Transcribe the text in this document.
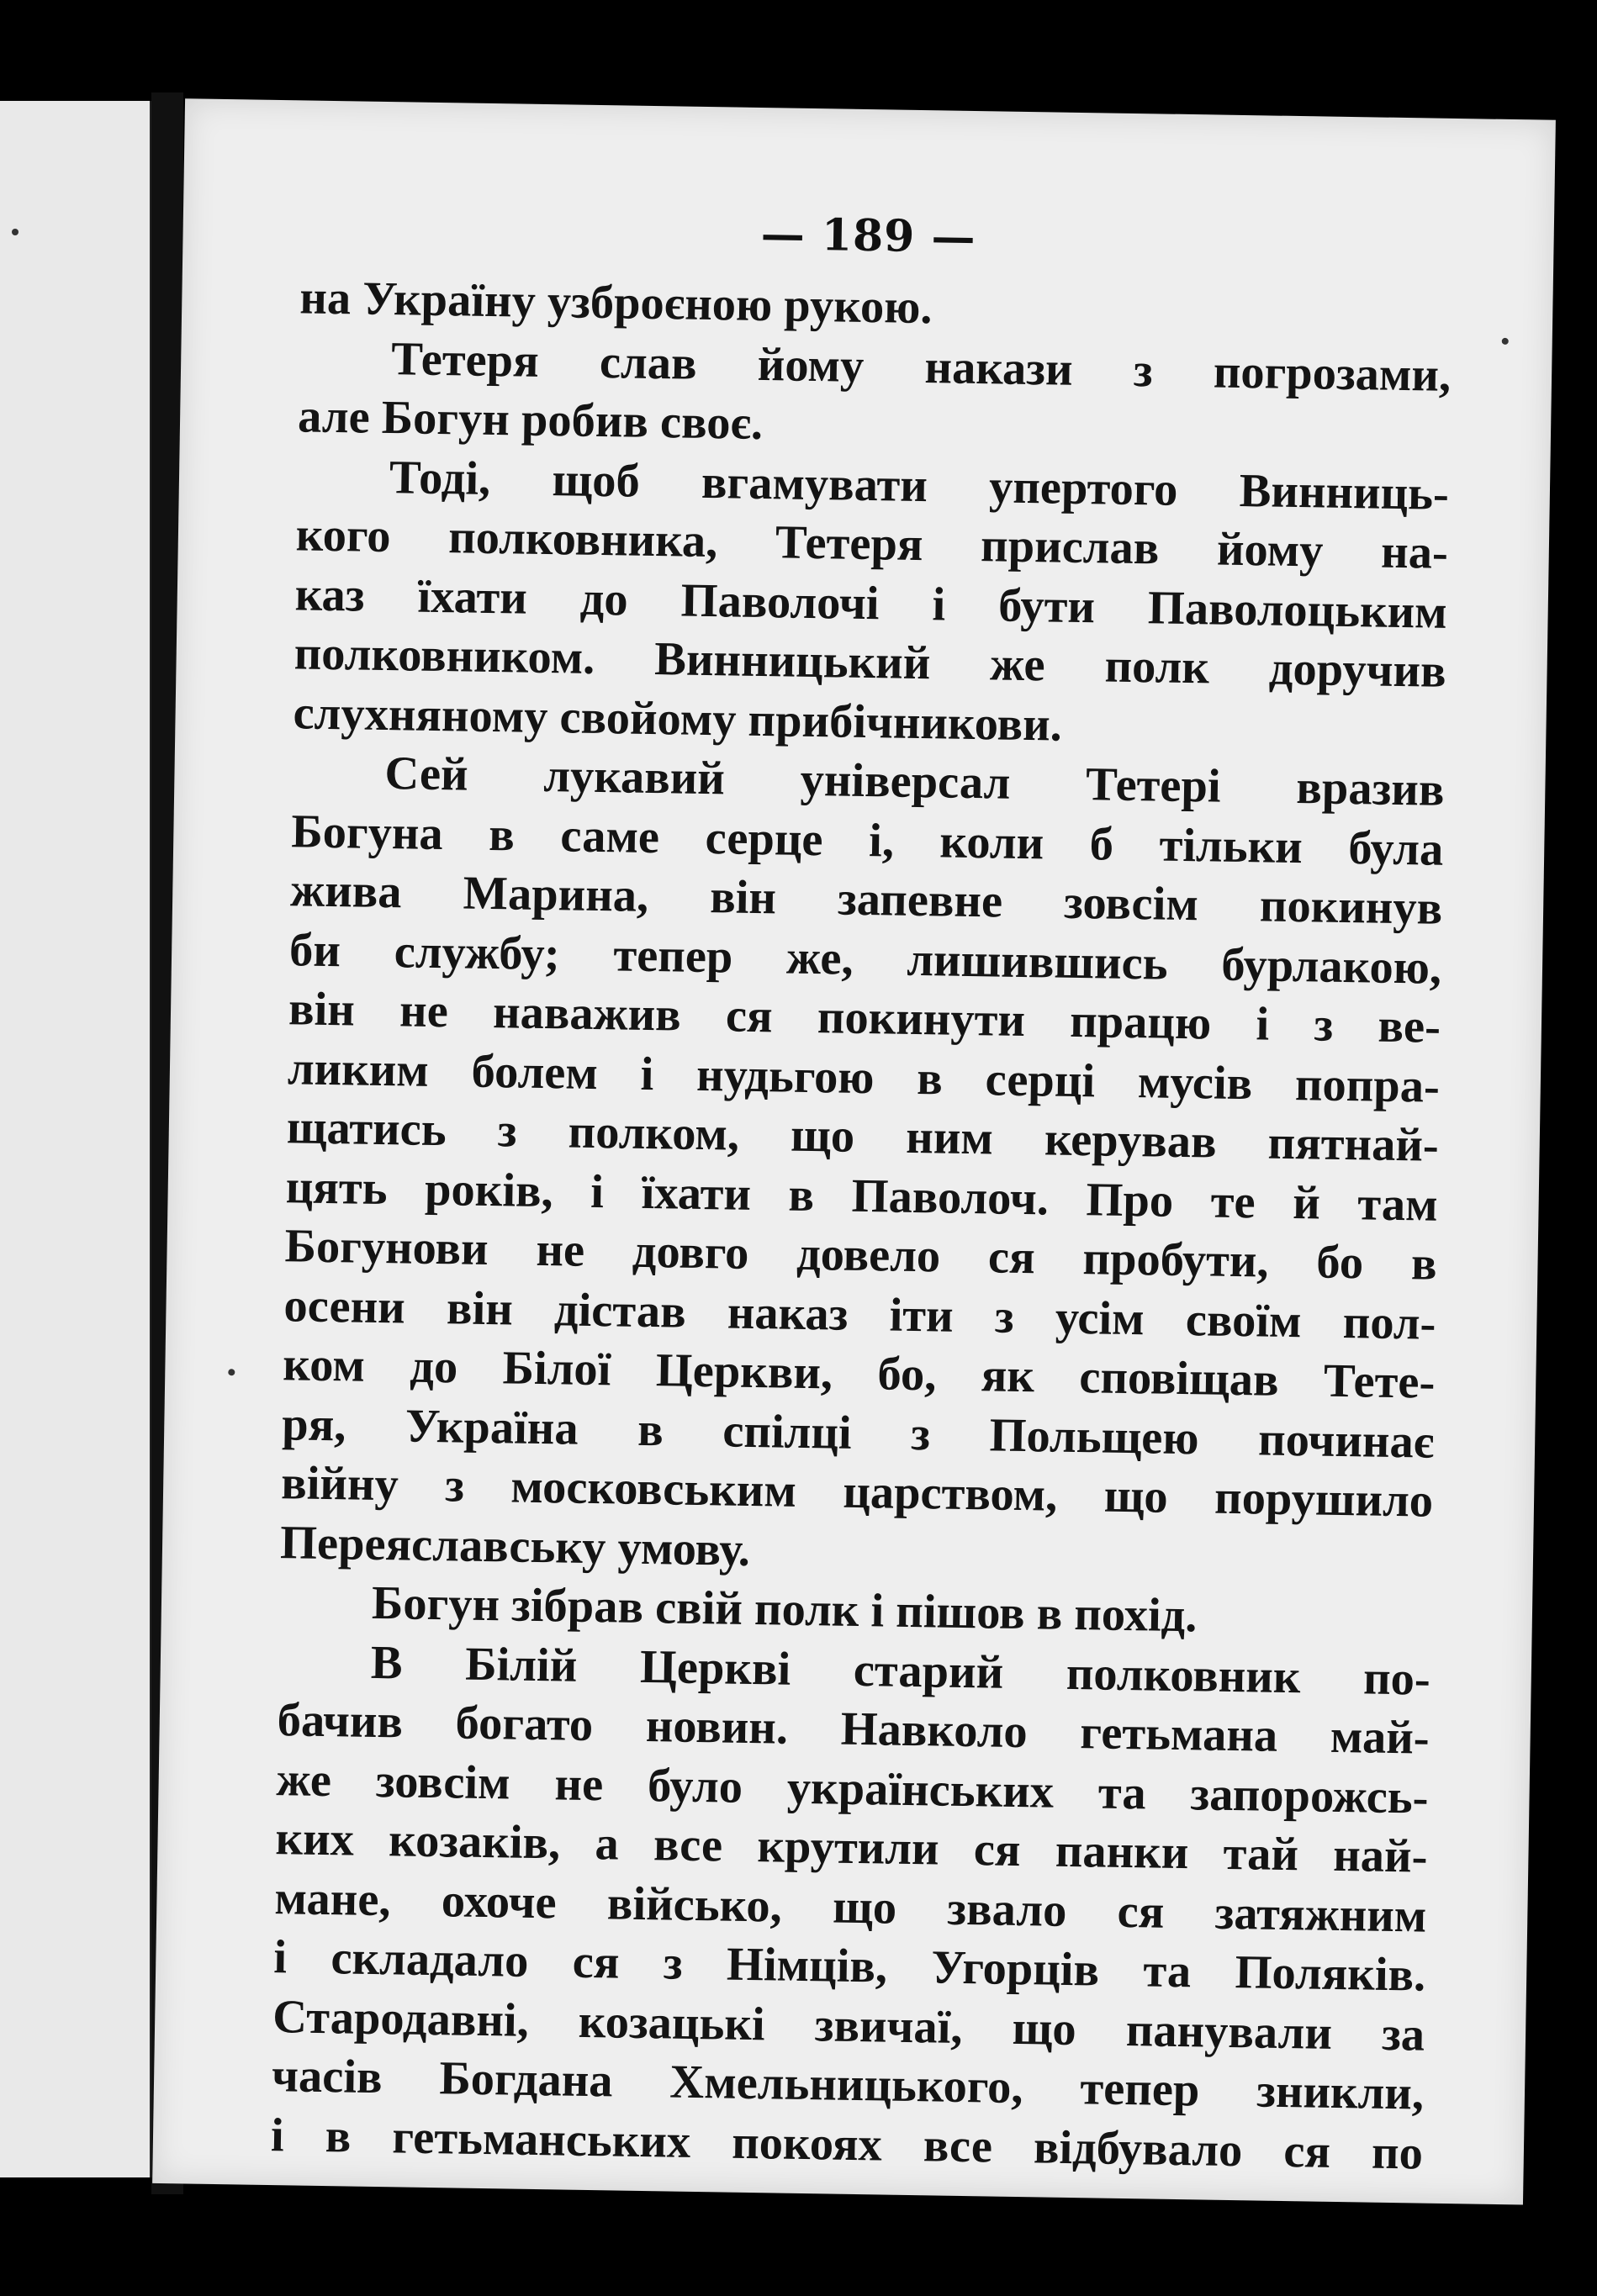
— 189 —
на Україну узброєною рукою.
Тетеря слав йому накази з погрозами,
але Богун робив своє.
Тоді, щоб вгамувати упертого Винниць-
кого полковника, Тетеря прислав йому на-
каз їхати до Паволочі і бути Паволоцьким
полковником. Винницький же полк доручив
слухняному свойому прибічникови.
Сей лукавий універсал Тетері вразив
Богуна в саме серце і, коли б тільки була
жива Марина, він запевне зовсім покинув
би службу; тепер же, лишившись бурлакою,
він не наважив ся покинути працю і з ве-
ликим болем і нудьгою в серці мусів попра-
щатись з полком, що ним керував пятнай-
цять років, і їхати в Паволоч. Про те й там
Богунови не довго довело ся пробути, бо в
осени він дістав наказ іти з усім своїм пол-
ком до Білої Церкви, бо, як сповіщав Тете-
ря, Україна в спілці з Польщею починає
війну з московським царством, що порушило
Переяславську умову.
Богун зібрав свій полк і пішов в похід.
В Білій Церкві старий полковник по-
бачив богато новин. Навколо гетьмана май-
же зовсім не було українських та запорожсь-
ких козаків, а все крутили ся панки тай най-
мане, охоче військо, що звало ся затяжним
і складало ся з Німців, Угорців та Поляків.
Стародавні, козацькі звичаї, що панували за
часів Богдана Хмельницького, тепер зникли,
і в гетьманських покоях все відбувало ся по
